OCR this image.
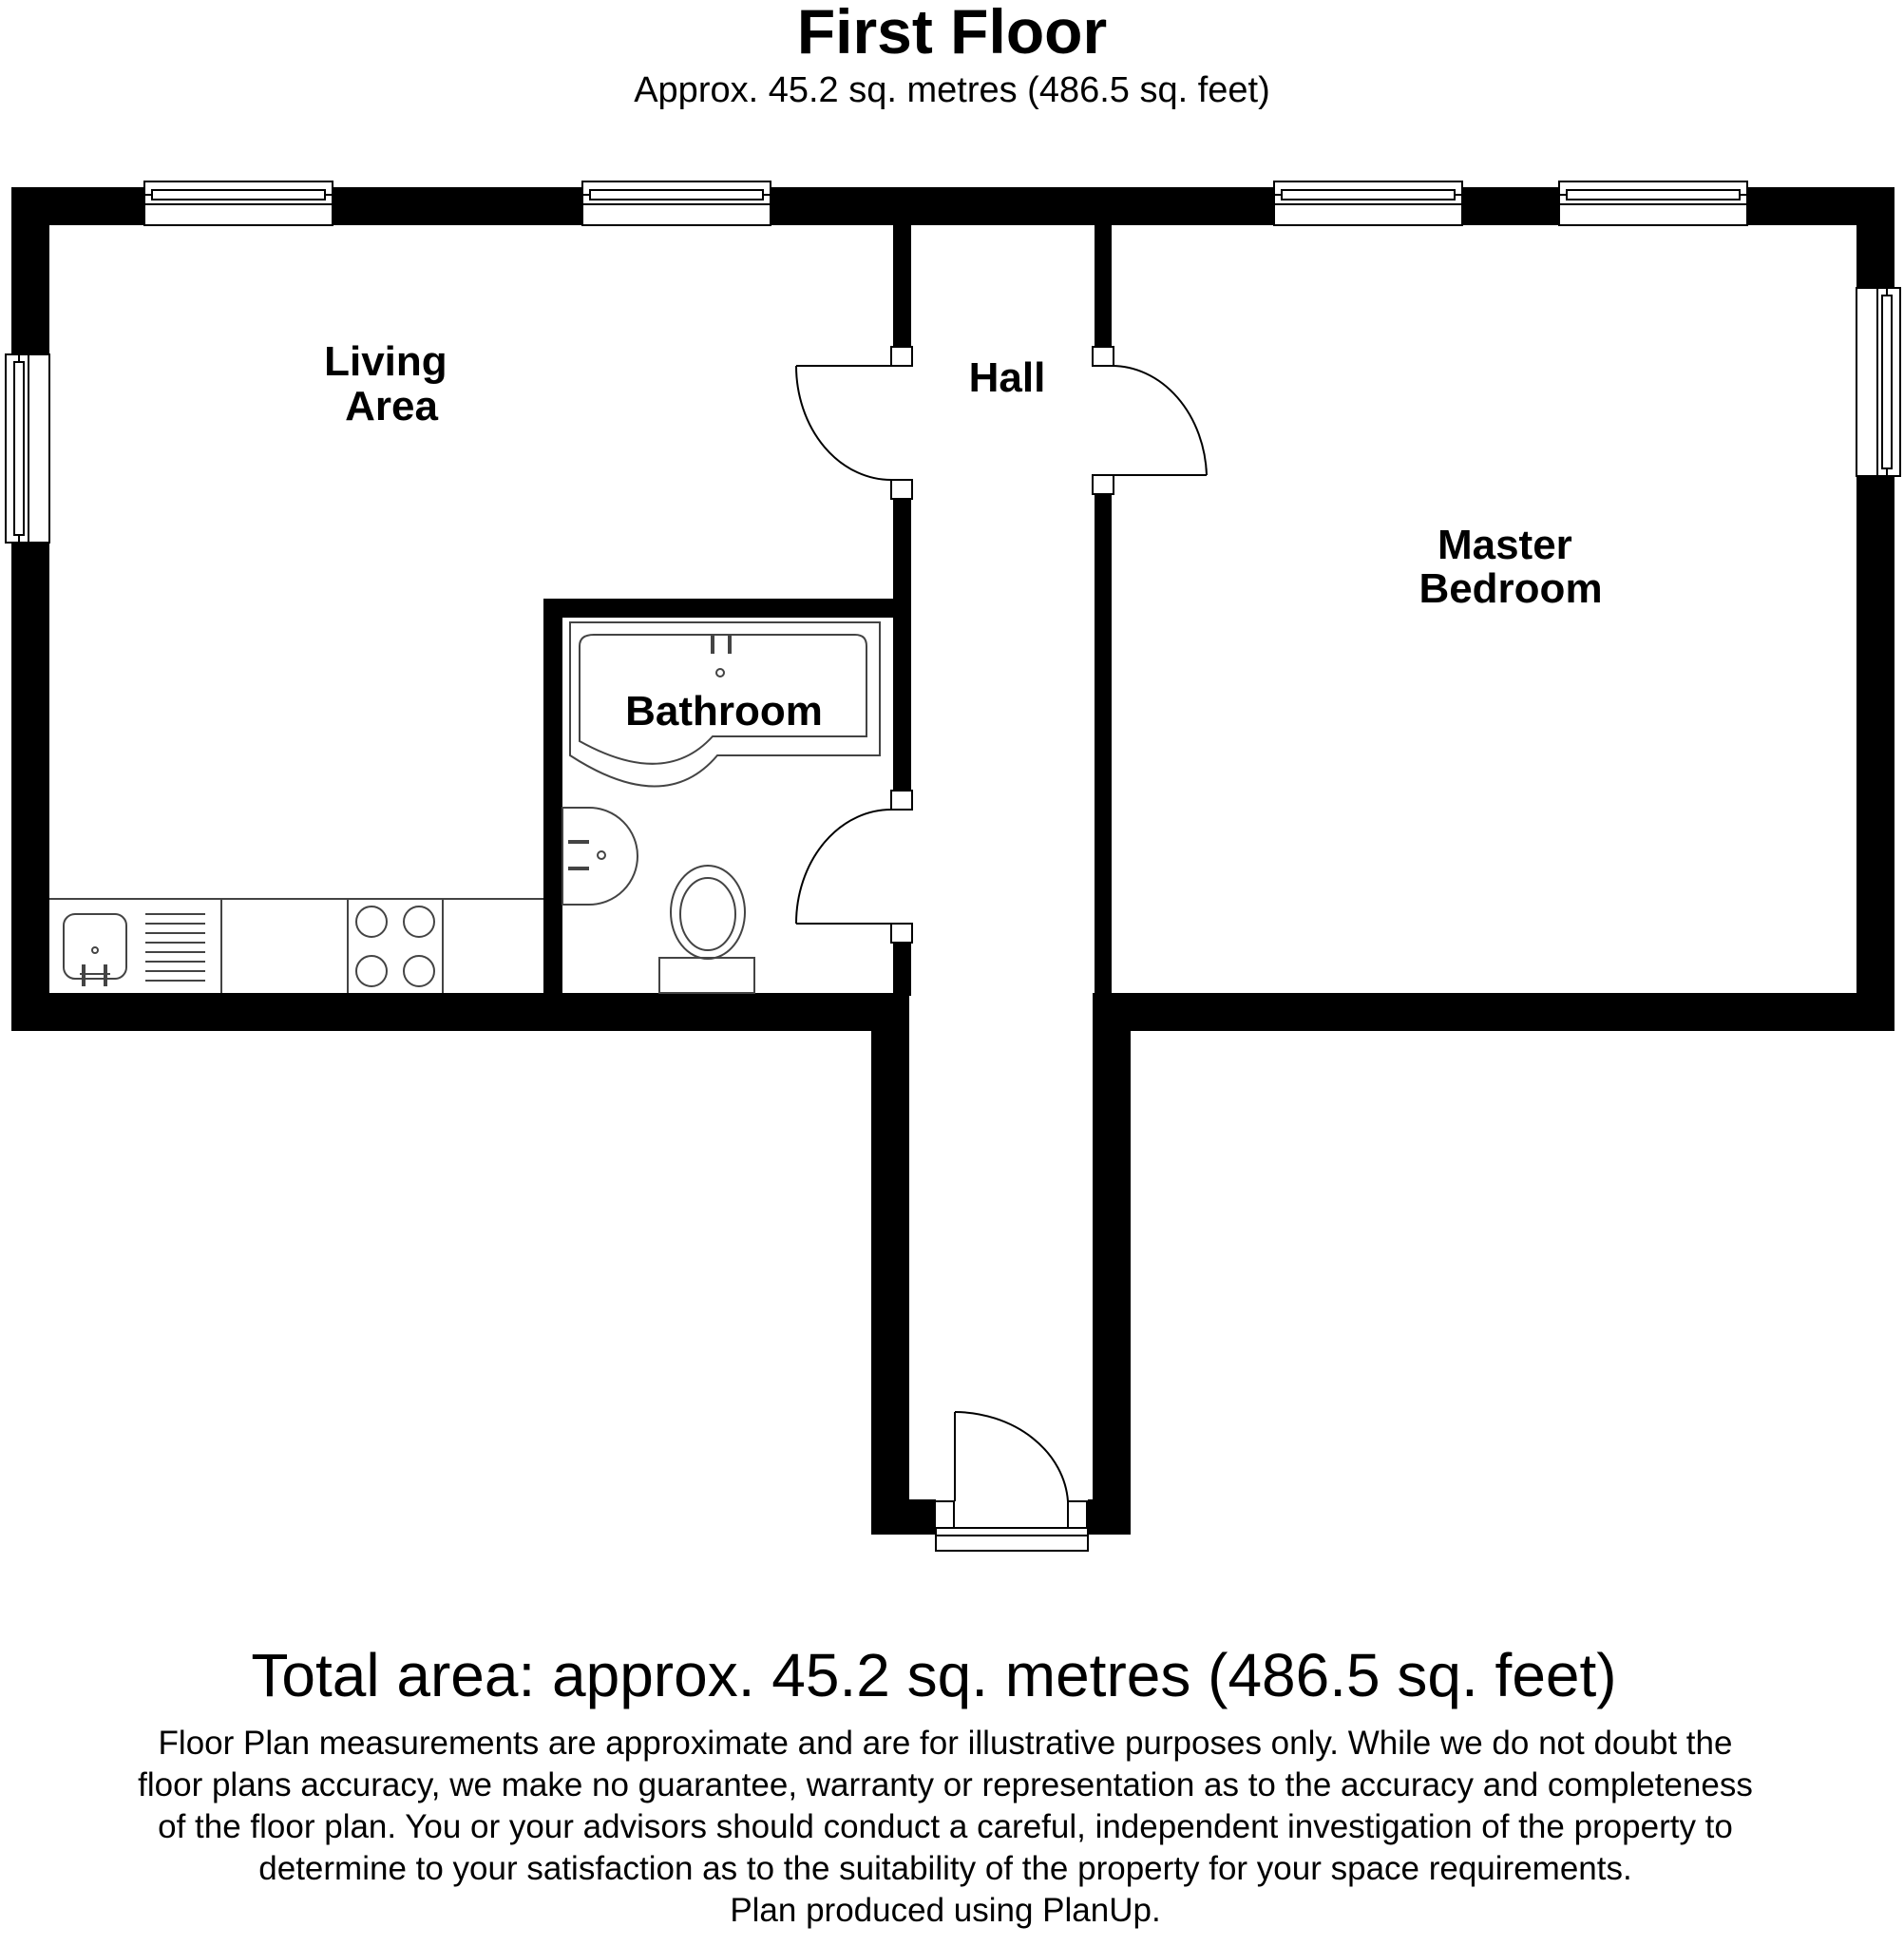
First Floor
Approx. 45.2 sq. metres (486.5 sq. feet)
Living Area
Hall
Master Bedroom
Bathroom
Total area: approx. 45.2 sq. metres (486.5 sq. feet)
Floor Plan measurements are approximate and are for illustrative purposes only. While we do not doubt the
floor plans accuracy, we make no guarantee, warranty or representation as to the accuracy and completeness
of the floor plan. You or your advisors should conduct a careful, independent investigation of the property to
determine to your satisfaction as to the suitability of the property for your space requirements.
Plan produced using PlanUp.
